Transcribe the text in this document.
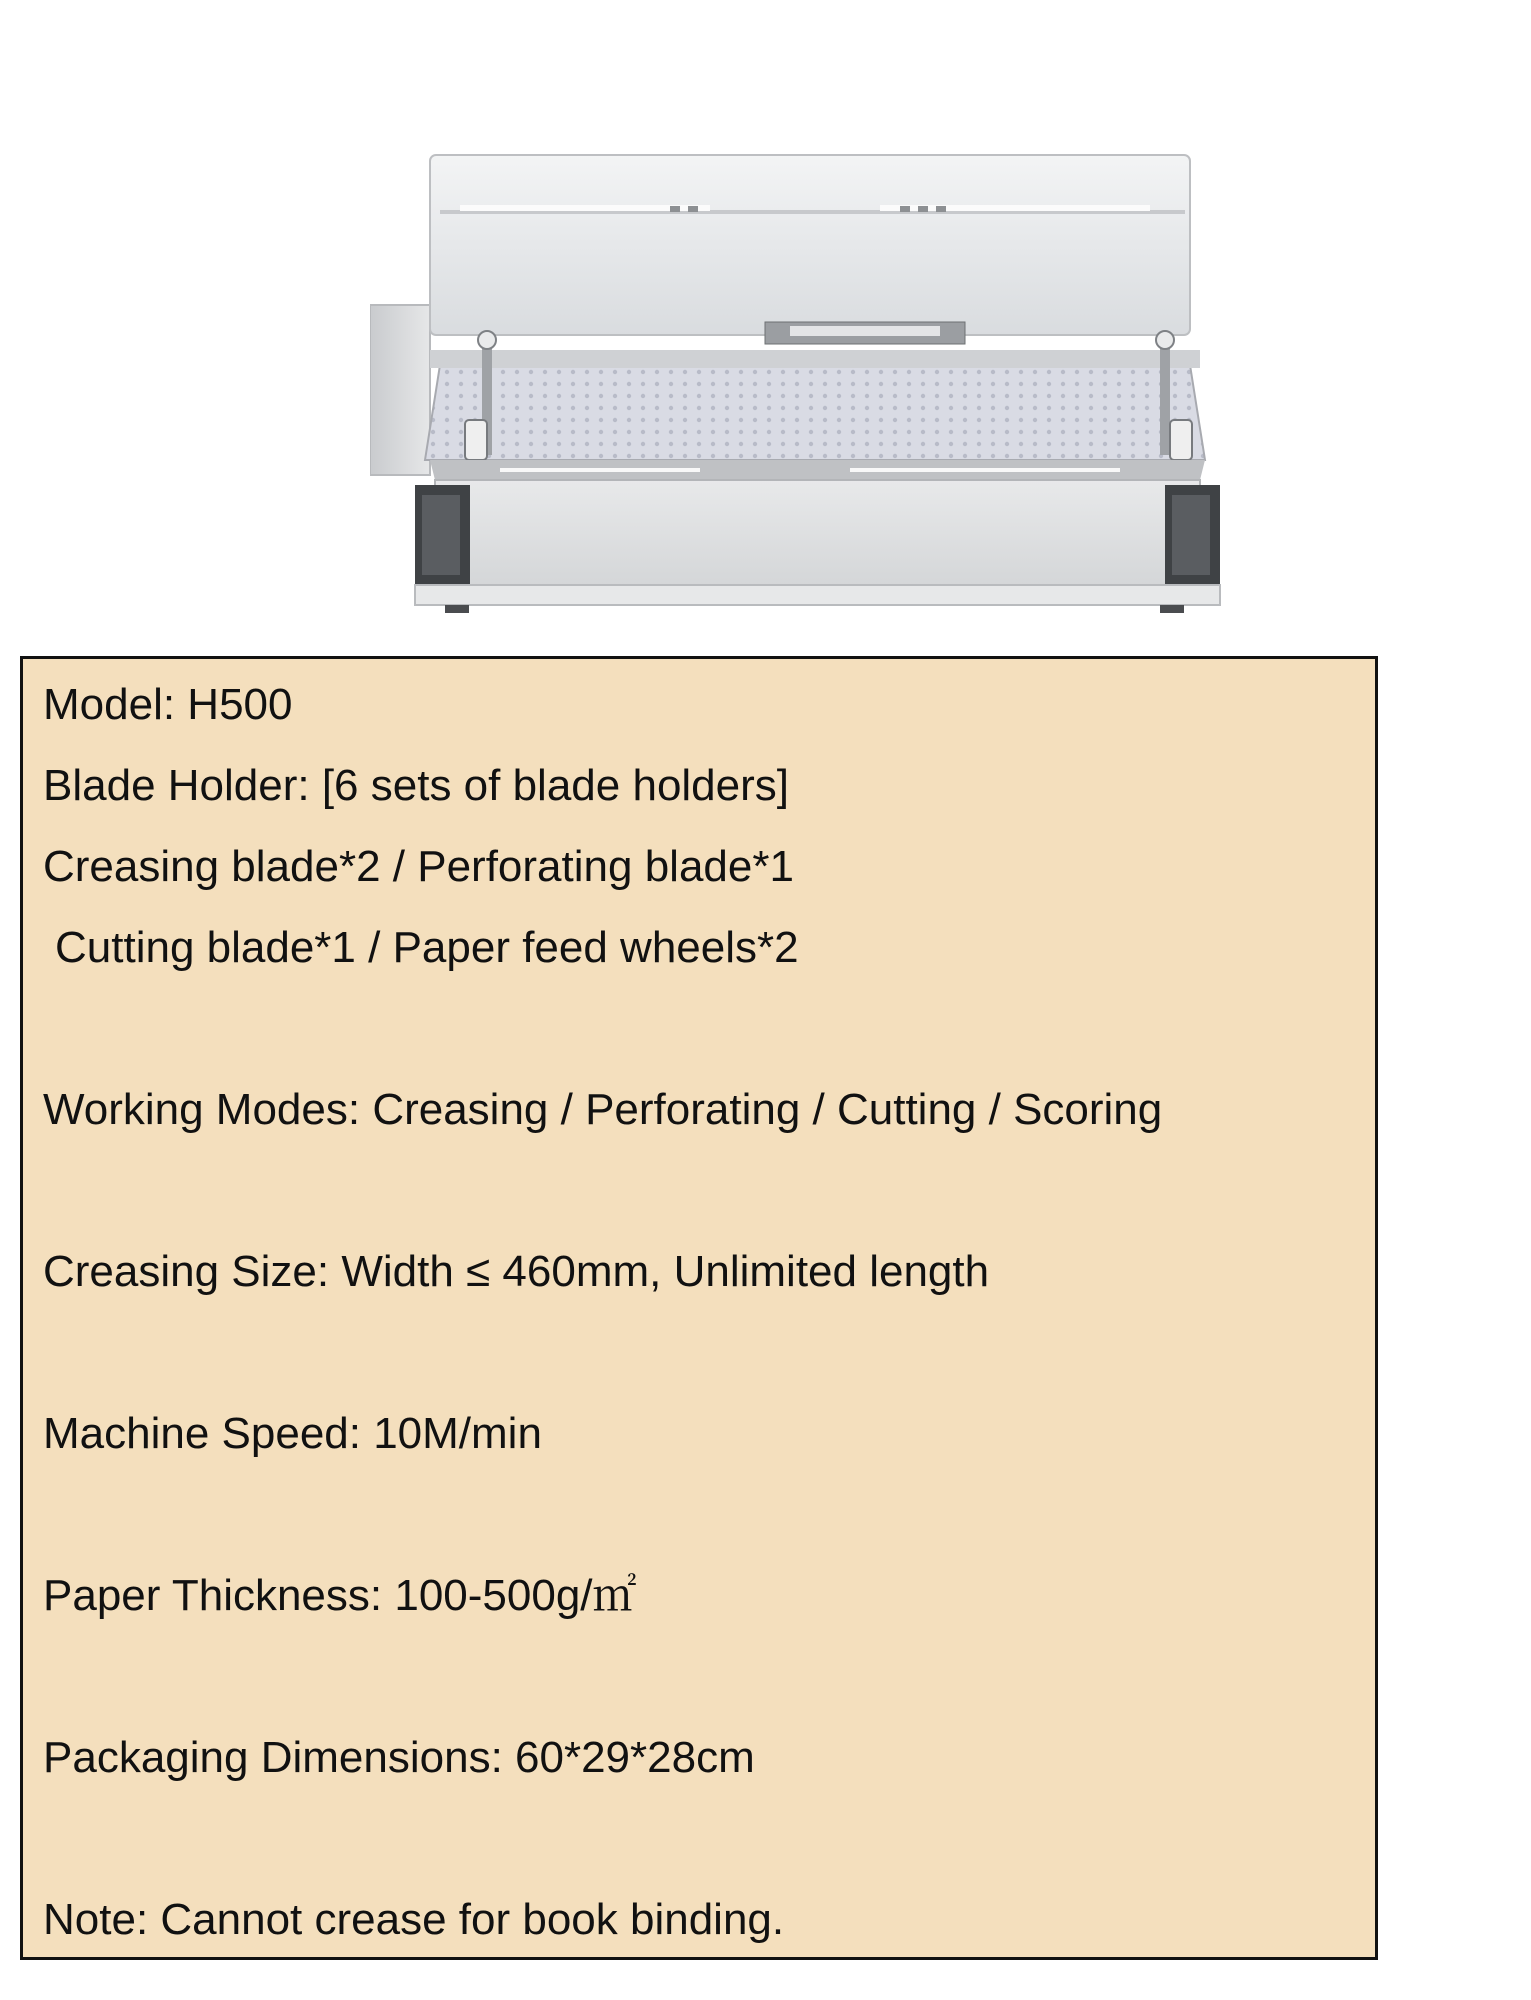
Model: H500

Blade Holder: [6 sets of blade holders]

Creasing blade*2 / Perforating blade*1

Cutting blade*1 / Paper feed wheels*2

Working Modes: Creasing / Perforating / Cutting / Scoring

Creasing Size: Width ≤ 460mm, Unlimited length

Machine Speed: 10M/min

Paper Thickness: 100-500g/㎡

Packaging Dimensions: 60*29*28cm

Note: Cannot crease for book binding.
